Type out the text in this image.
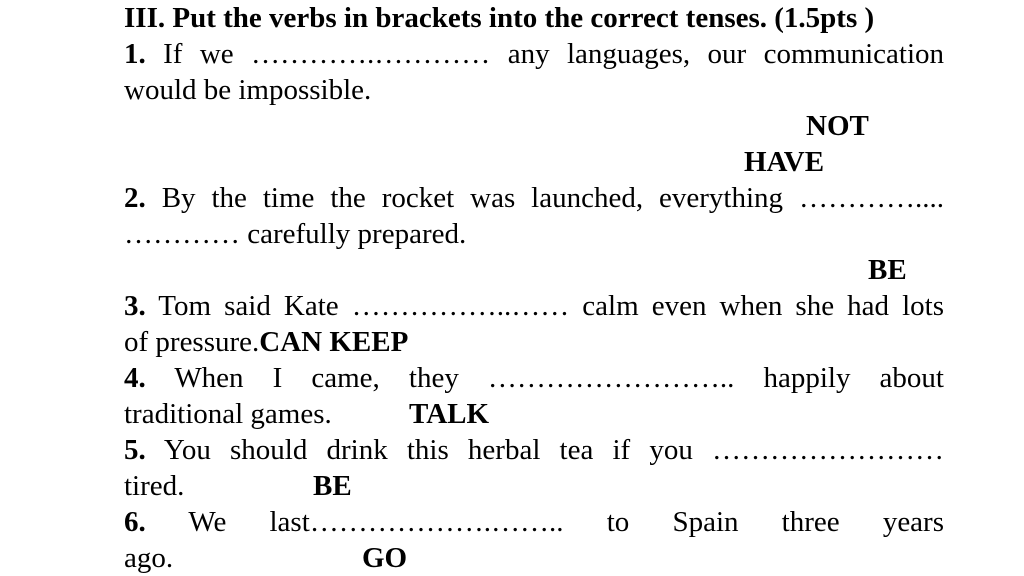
III. Put the verbs in brackets into the correct tenses. (1.5pts )
1. If we ………….………… any languages, our communication
would be impossible.
NOT
HAVE
2. By the time the rocket was launched, everything …………....
………… carefully prepared.
BE
3. Tom said Kate ……………..…… calm even when she had lots
of pressure.CAN KEEP
4. When I came, they …………………….. happily about
traditional games.	TALK
5. You should drink this herbal tea if you ……………………
tired.	BE
6. We last……………….…….. to Spain three years
ago.	GO
